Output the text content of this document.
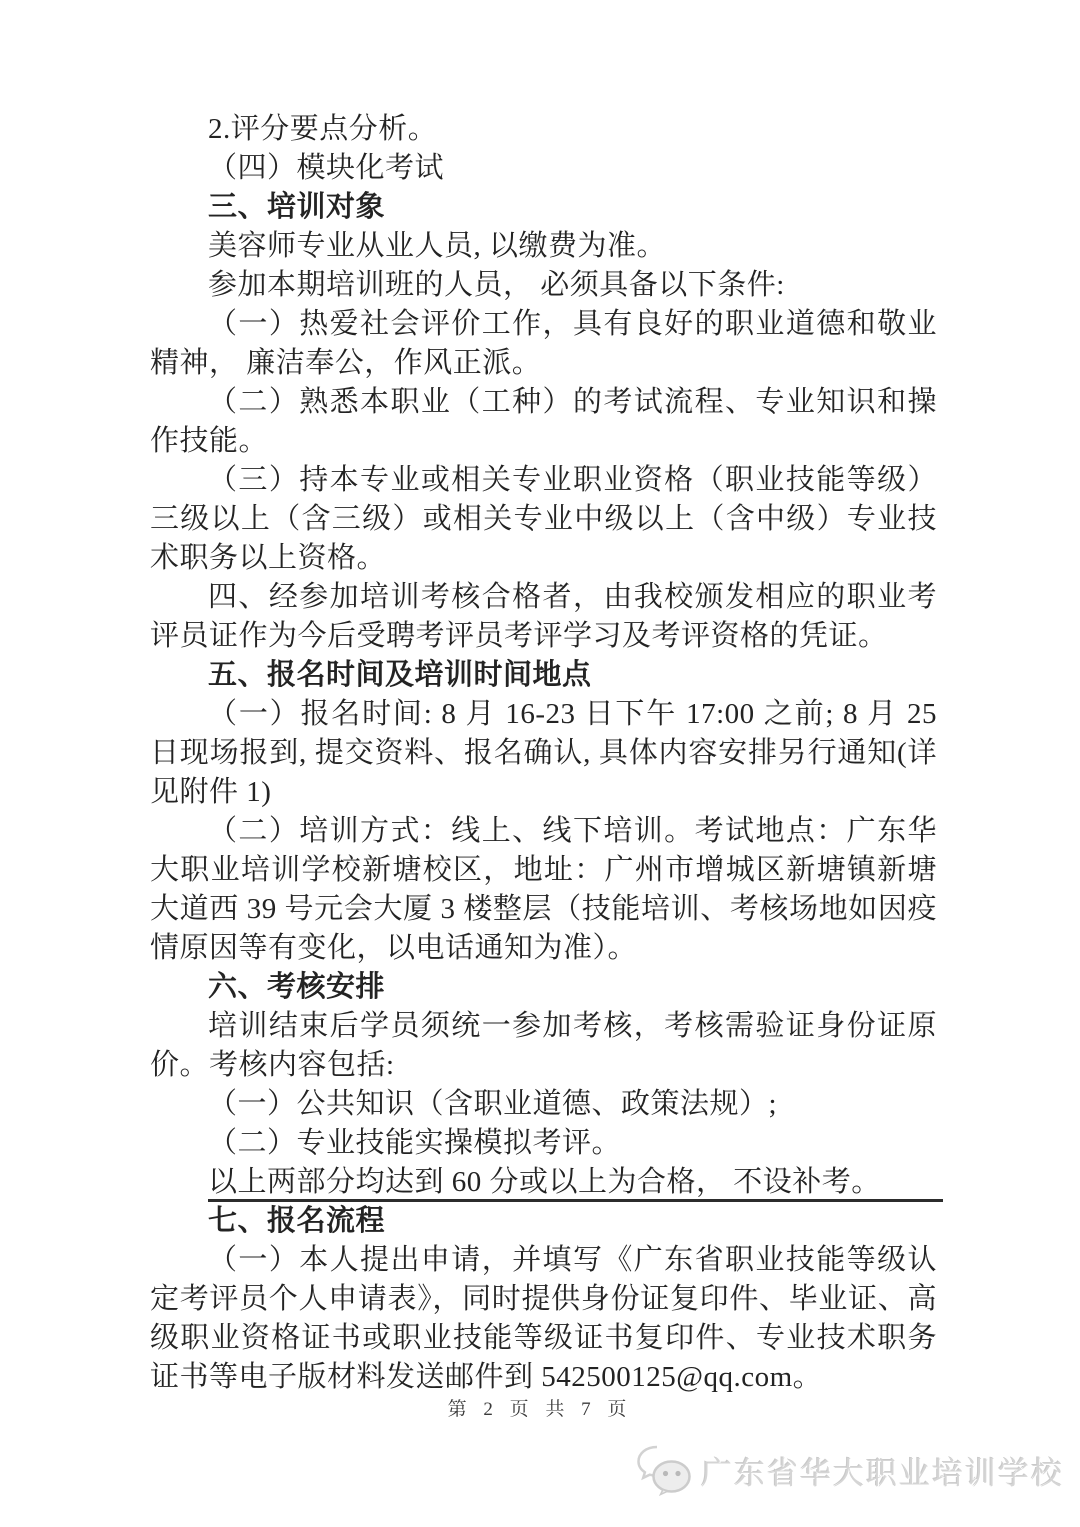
2.评分要点分析。

（四）模块化考试

三、培训对象

美容师专业从业人员, 以缴费为准。

参加本期培训班的人员， 必须具备以下条件:

（一）热爱社会评价工作，具有良好的职业道德和敬业精神， 廉洁奉公，作风正派。

（二）熟悉本职业（工种）的考试流程、专业知识和操作技能。

（三）持本专业或相关专业职业资格（职业技能等级）三级以上（含三级）或相关专业中级以上（含中级）专业技术职务以上资格。

四、经参加培训考核合格者，由我校颁发相应的职业考评员证作为今后受聘考评员考评学习及考评资格的凭证。

五、报名时间及培训时间地点

（一）报名时间: 8 月 16-23 日下午 17:00 之前; 8 月 25 日现场报到, 提交资料、报名确认, 具体内容安排另行通知(详见附件 1)

（二）培训方式：线上、线下培训。考试地点：广东华大职业培训学校新塘校区，地址：广州市增城区新塘镇新塘大道西 39 号元会大厦 3 楼整层（技能培训、考核场地如因疫情原因等有变化，以电话通知为准）。

六、考核安排

培训结束后学员须统一参加考核，考核需验证身份证原价。考核内容包括:

（一）公共知识（含职业道德、政策法规）;

（二）专业技能实操模拟考评。

以上两部分均达到 60 分或以上为合格， 不设补考。

七、报名流程

（一）本人提出申请，并填写《广东省职业技能等级认定考评员个人申请表》，同时提供身份证复印件、毕业证、高级职业资格证书或职业技能等级证书复印件、专业技术职务证书等电子版材料发送邮件到 542500125@qq.com。

第 2 页 共 7 页
广东省华大职业培训学校
